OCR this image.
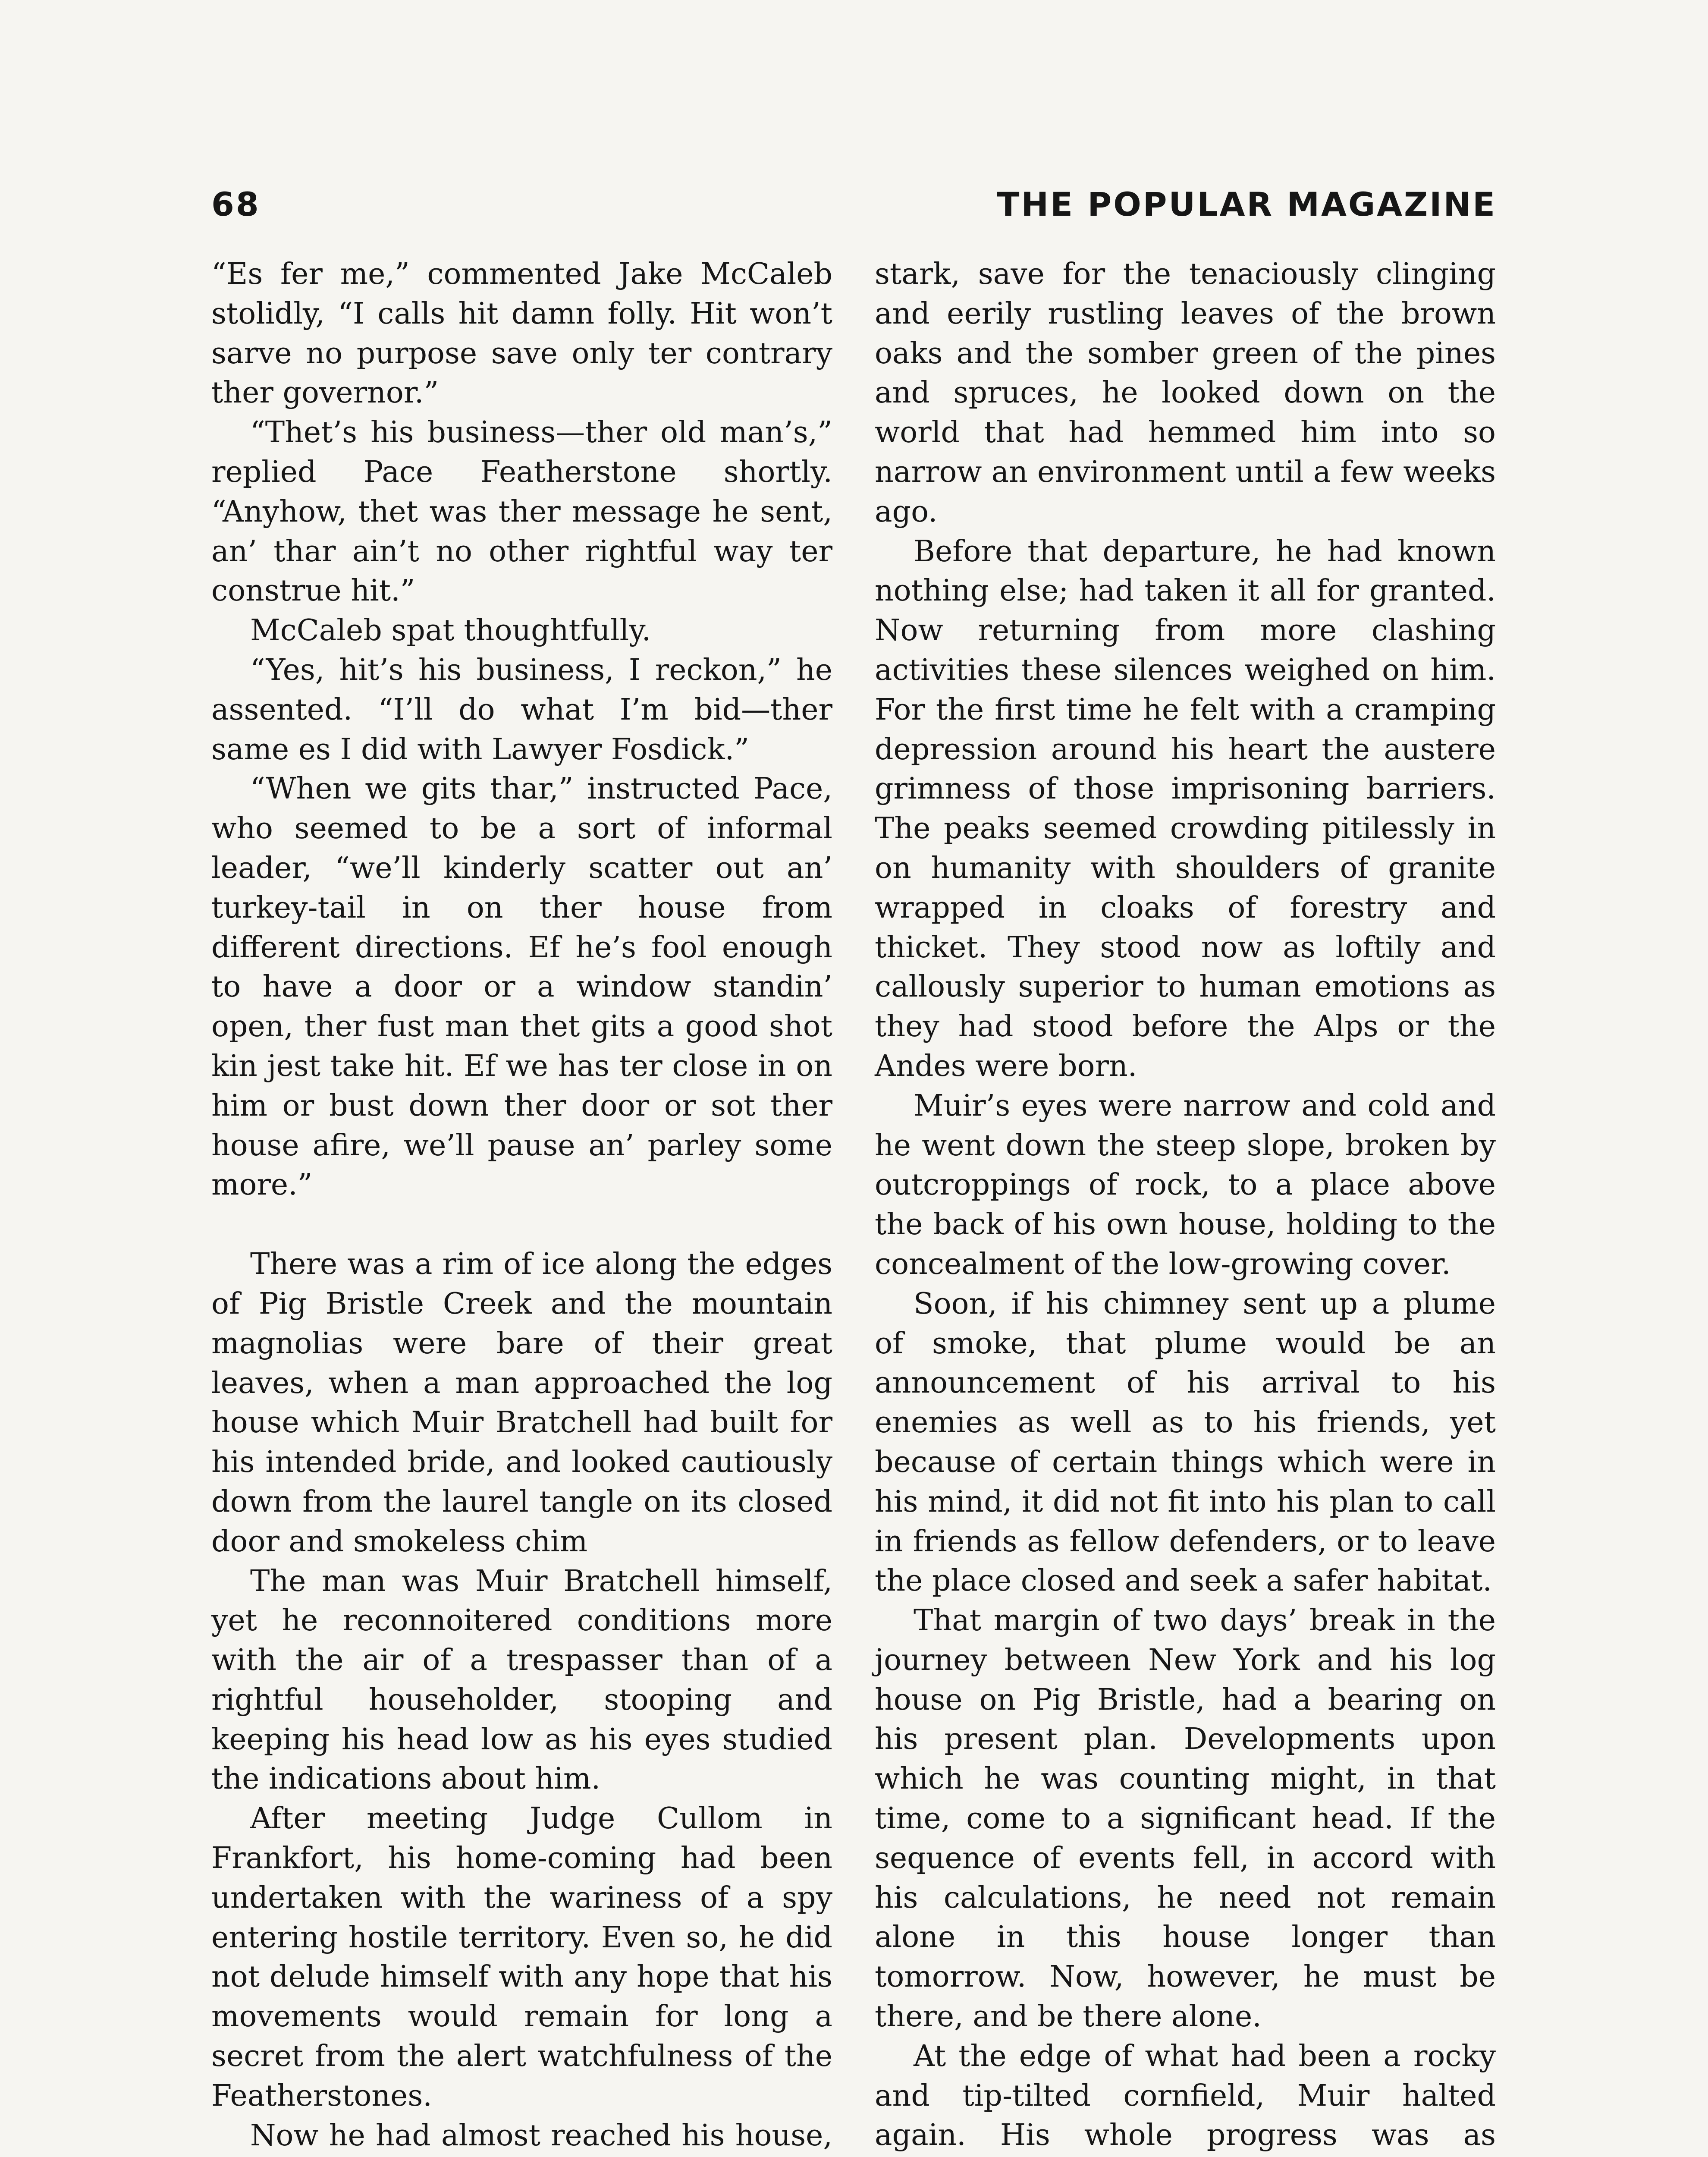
68	THE POPULAR MAGAZINE

“Es fer me,” commented Jake McCaleb stolidly, “I calls hit damn folly. Hit won’t sarve no purpose save only ter contrary ther governor.”

“Thet’s his business—ther old man’s,” replied Pace Featherstone shortly. “Anyhow, thet was ther message he sent, an’ thar ain’t no other rightful way ter construe hit.”

McCaleb spat thoughtfully.

“Yes, hit’s his business, I reckon,” he assented. “I’ll do what I’m bid—ther same es I did with Lawyer Fosdick.”

“When we gits thar,” instructed Pace, who seemed to be a sort of informal leader, “we’ll kinderly scatter out an’ turkey-tail in on ther house from different directions. Ef he’s fool enough to have a door or a window standin’ open, ther fust man thet gits a good shot kin jest take hit. Ef we has ter close in on him or bust down ther door or sot ther house afire, we’ll pause an’ parley some more.”

There was a rim of ice along the edges of Pig Bristle Creek and the mountain magnolias were bare of their great leaves, when a man approached the log house which Muir Bratchell had built for his intended bride, and looked cautiously down from the laurel tangle on its closed door and smokeless chim

The man was Muir Bratchell himself, yet he reconnoitered conditions more with the air of a trespasser than of a rightful householder, stooping and keeping his head low as his eyes studied the indications about him.

After meeting Judge Cullom in Frankfort, his home-coming had been undertaken with the wariness of a spy entering hostile territory. Even so, he did not delude himself with any hope that his movements would remain for long a secret from the alert watchfulness of the Featherstones.

Now he had almost reached his house,

stark, save for the tenaciously clinging and eerily rustling leaves of the brown oaks and the somber green of the pines and spruces, he looked down on the world that had hemmed him into so narrow an environment until a few weeks ago.

Before that departure, he had known nothing else; had taken it all for granted. Now returning from more clashing activities these silences weighed on him. For the first time he felt with a cramping depression around his heart the austere grimness of those imprisoning barriers. The peaks seemed crowding pitilessly in on humanity with shoulders of granite wrapped in cloaks of forestry and thicket. They stood now as loftily and callously superior to human emotions as they had stood before the Alps or the Andes were born.

Muir’s eyes were narrow and cold and he went down the steep slope, broken by outcroppings of rock, to a place above the back of his own house, holding to the concealment of the low-growing cover.

Soon, if his chimney sent up a plume of smoke, that plume would be an announcement of his arrival to his enemies as well as to his friends, yet because of certain things which were in his mind, it did not fit into his plan to call in friends as fellow defenders, or to leave the place closed and seek a safer habitat.

That margin of two days’ break in the journey between New York and his log house on Pig Bristle, had a bearing on his present plan. Developments upon which he was counting might, in that time, come to a significant head. If the sequence of events fell, in accord with his calculations, he need not remain alone in this house longer than tomorrow. Now, however, he must be there, and be there alone.

At the edge of what had been a rocky and tip-tilted cornfield, Muir halted again. His whole progress was as
